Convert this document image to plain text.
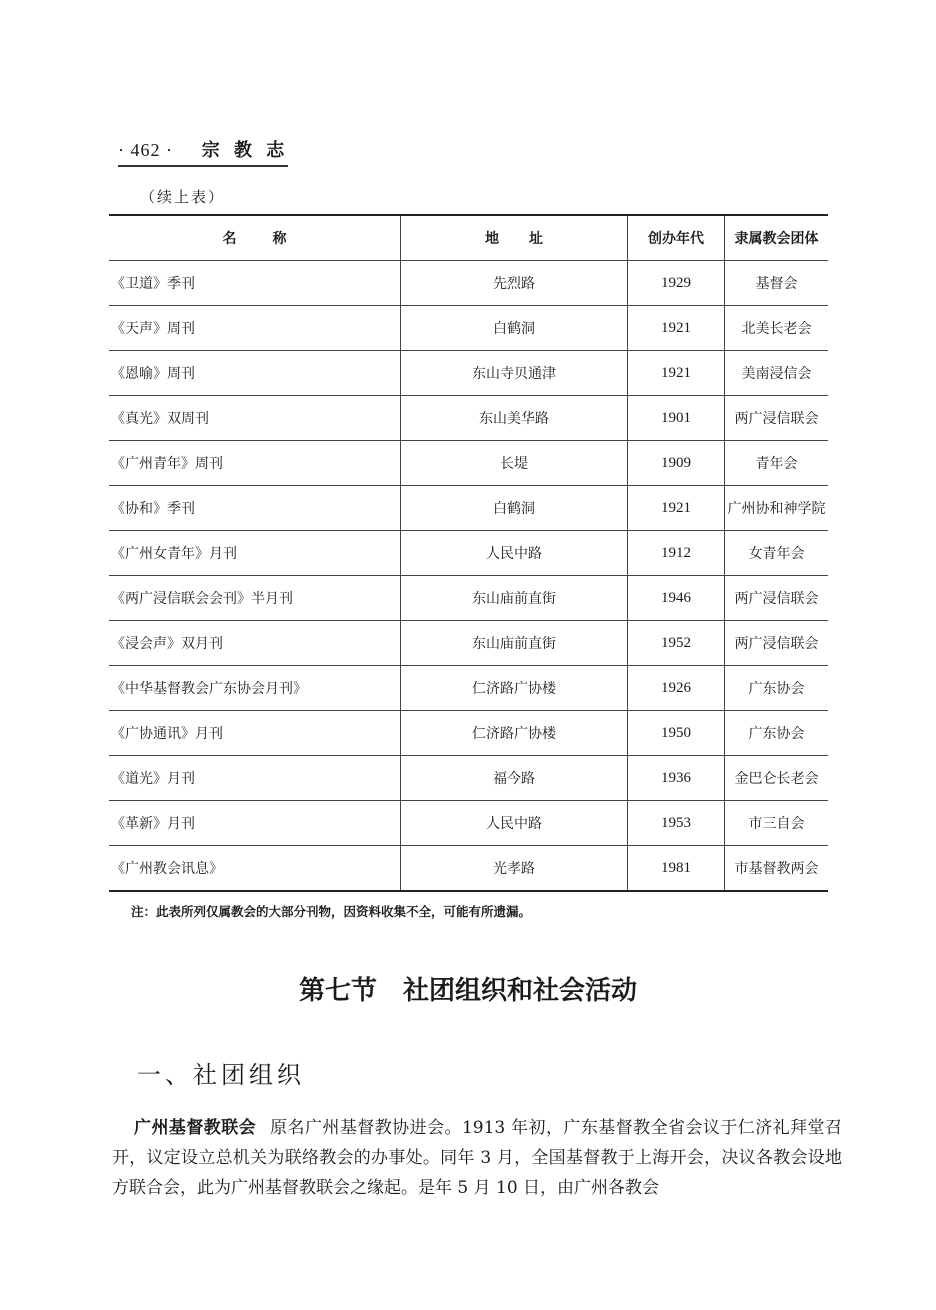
· 462 · 宗 教 志
（续上表）
名称	地址	创办年代	隶属教会团体
《卫道》季刊	先烈路	1929	基督会
《天声》周刊	白鹤洞	1921	北美长老会
《恩喻》周刊	东山寺贝通津	1921	美南浸信会
《真光》双周刊	东山美华路	1901	两广浸信联会
《广州青年》周刊	长堤	1909	青年会
《协和》季刊	白鹤洞	1921	广州协和神学院
《广州女青年》月刊	人民中路	1912	女青年会
《两广浸信联会会刊》半月刊	东山庙前直街	1946	两广浸信联会
《浸会声》双月刊	东山庙前直街	1952	两广浸信联会
《中华基督教会广东协会月刊》	仁济路广协楼	1926	广东协会
《广协通讯》月刊	仁济路广协楼	1950	广东协会
《道光》月刊	福今路	1936	金巴仑长老会
《革新》月刊	人民中路	1953	市三自会
《广州教会讯息》	光孝路	1981	市基督教两会
注：此表所列仅属教会的大部分刊物，因资料收集不全，可能有所遗漏。
第七节　社团组织和社会活动
一、社团组织
广州基督教联会 原名广州基督教协进会。1913 年初，广东基督教全省会议于仁济礼拜堂召开，议定设立总机关为联络教会的办事处。同年 3 月，全国基督教于上海开会，决议各教会设地方联合会，此为广州基督教联会之缘起。是年 5 月 10 日，由广州各教会
